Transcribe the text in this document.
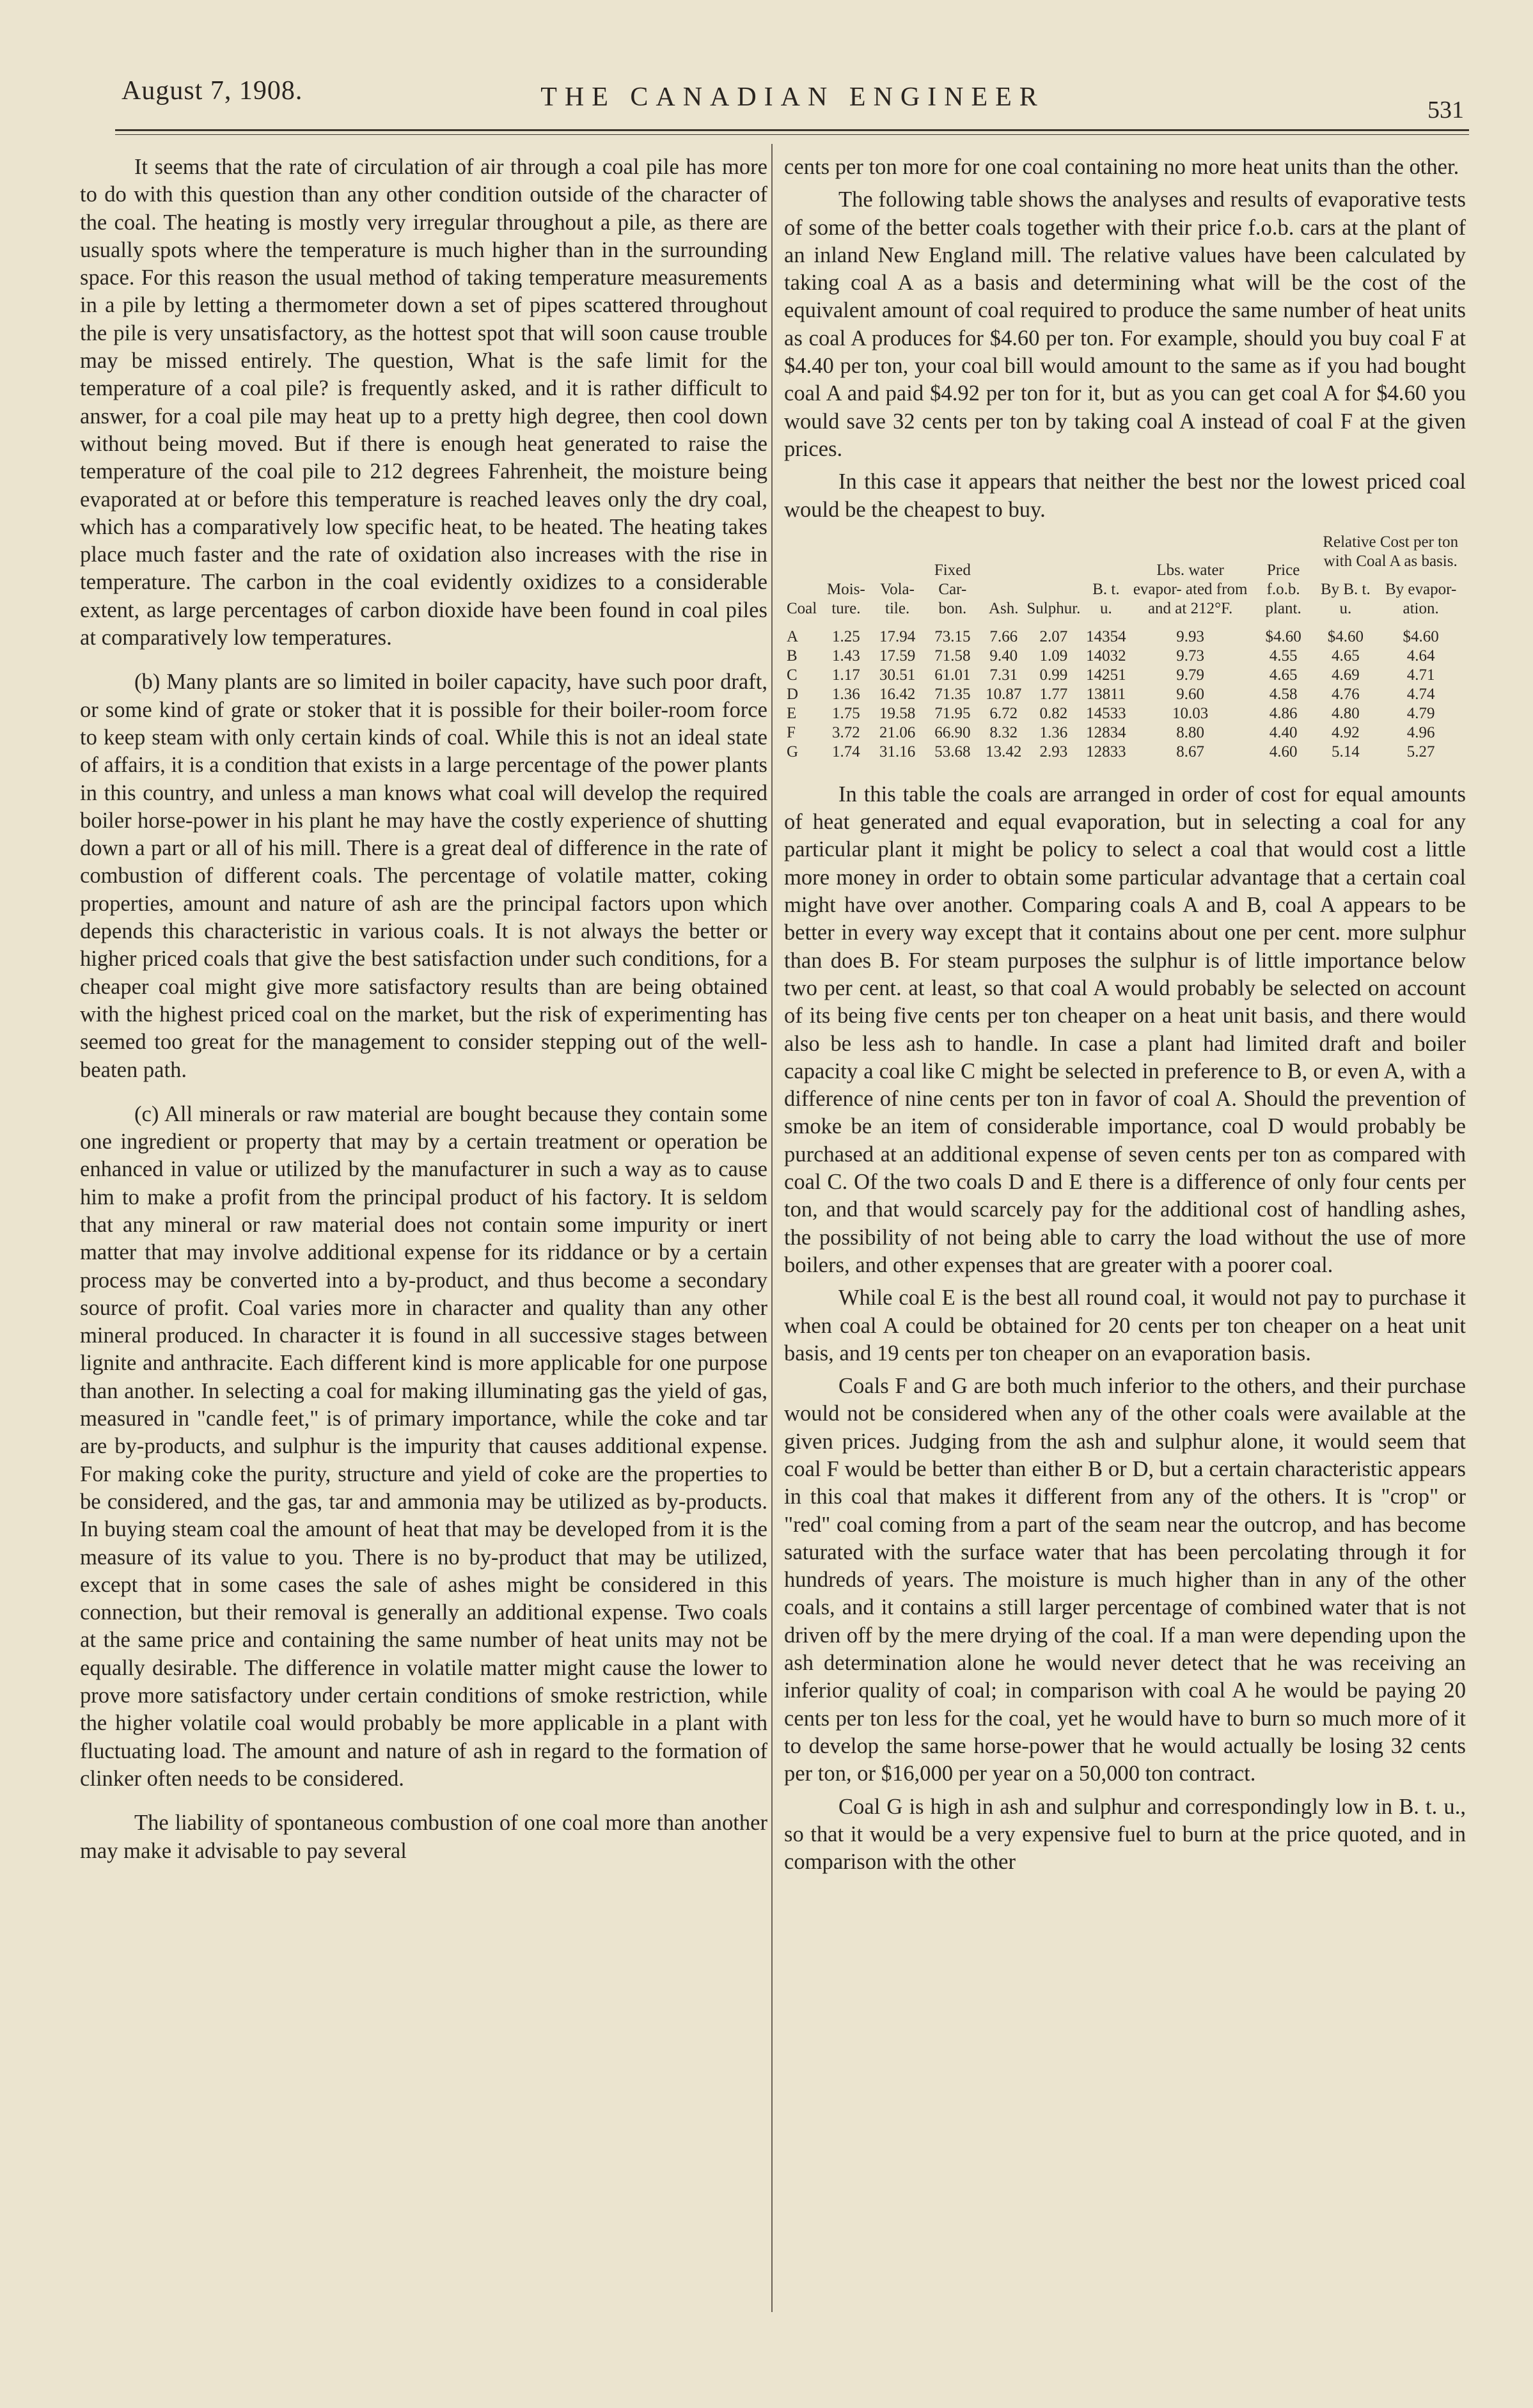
August 7, 1908.	THE CANADIAN ENGINEER	531

It seems that the rate of circulation of air through a coal pile has more to do with this question than any other condition outside of the character of the coal. The heating is mostly very irregular throughout a pile, as there are usually spots where the temperature is much higher than in the surrounding space. For this reason the usual method of taking temperature measurements in a pile by letting a thermometer down a set of pipes scattered throughout the pile is very unsatisfactory, as the hottest spot that will soon cause trouble may be missed entirely. The question, What is the safe limit for the temperature of a coal pile? is frequently asked, and it is rather difficult to answer, for a coal pile may heat up to a pretty high degree, then cool down without being moved. But if there is enough heat generated to raise the temperature of the coal pile to 212 degrees Fahrenheit, the moisture being evaporated at or before this temperature is reached leaves only the dry coal, which has a comparatively low specific heat, to be heated. The heating takes place much faster and the rate of oxidation also increases with the rise in temperature. The carbon in the coal evidently oxidizes to a considerable extent, as large percentages of carbon dioxide have been found in coal piles at comparatively low temperatures.

(b) Many plants are so limited in boiler capacity, have such poor draft, or some kind of grate or stoker that it is possible for their boiler-room force to keep steam with only certain kinds of coal. While this is not an ideal state of affairs, it is a condition that exists in a large percentage of the power plants in this country, and unless a man knows what coal will develop the required boiler horse-power in his plant he may have the costly experience of shutting down a part or all of his mill. There is a great deal of difference in the rate of combustion of different coals. The percentage of volatile matter, coking properties, amount and nature of ash are the principal factors upon which depends this characteristic in various coals. It is not always the better or higher priced coals that give the best satisfaction under such conditions, for a cheaper coal might give more satisfactory results than are being obtained with the highest priced coal on the market, but the risk of experimenting has seemed too great for the management to consider stepping out of the well-beaten path.

(c) All minerals or raw material are bought because they contain some one ingredient or property that may by a certain treatment or operation be enhanced in value or utilized by the manufacturer in such a way as to cause him to make a profit from the principal product of his factory. It is seldom that any mineral or raw material does not contain some impurity or inert matter that may involve additional expense for its riddance or by a certain process may be converted into a by-product, and thus become a secondary source of profit. Coal varies more in character and quality than any other mineral produced. In character it is found in all successive stages between lignite and anthracite. Each different kind is more applicable for one purpose than another. In selecting a coal for making illuminating gas the yield of gas, measured in "candle feet," is of primary importance, while the coke and tar are by-products, and sulphur is the impurity that causes additional expense. For making coke the purity, structure and yield of coke are the properties to be considered, and the gas, tar and ammonia may be utilized as by-products. In buying steam coal the amount of heat that may be developed from it is the measure of its value to you. There is no by-product that may be utilized, except that in some cases the sale of ashes might be considered in this connection, but their removal is generally an additional expense. Two coals at the same price and containing the same number of heat units may not be equally desirable. The difference in volatile matter might cause the lower to prove more satisfactory under certain conditions of smoke restriction, while the higher volatile coal would probably be more applicable in a plant with fluctuating load. The amount and nature of ash in regard to the formation of clinker often needs to be considered.

The liability of spontaneous combustion of one coal more than another may make it advisable to pay several

cents per ton more for one coal containing no more heat units than the other.

The following table shows the analyses and results of evaporative tests of some of the better coals together with their price f.o.b. cars at the plant of an inland New England mill. The relative values have been calculated by taking coal A as a basis and determining what will be the cost of the equivalent amount of coal required to produce the same number of heat units as coal A produces for $4.60 per ton. For example, should you buy coal F at $4.40 per ton, your coal bill would amount to the same as if you had bought coal A and paid $4.92 per ton for it, but as you can get coal A for $4.60 you would save 32 cents per ton by taking coal A instead of coal F at the given prices.

In this case it appears that neither the best nor the lowest priced coal would be the cheapest to buy.

Coal	Mois- ture.	Vola- tile.	Fixed Car- bon.	Ash.	Sulphur.	B. t. u.	Lbs. water evapor- ated from and at 212°F.	Price f.o.b. plant.	Relative Cost per ton with Coal A as basis.	
									By B. t. u.	By evapor- ation.
A	1.25	17.94	73.15	7.66	2.07	14354	9.93	$4.60	$4.60	$4.60
B	1.43	17.59	71.58	9.40	1.09	14032	9.73	4.55	4.65	4.64
C	1.17	30.51	61.01	7.31	0.99	14251	9.79	4.65	4.69	4.71
D	1.36	16.42	71.35	10.87	1.77	13811	9.60	4.58	4.76	4.74
E	1.75	19.58	71.95	6.72	0.82	14533	10.03	4.86	4.80	4.79
F	3.72	21.06	66.90	8.32	1.36	12834	8.80	4.40	4.92	4.96
G	1.74	31.16	53.68	13.42	2.93	12833	8.67	4.60	5.14	5.27

In this table the coals are arranged in order of cost for equal amounts of heat generated and equal evaporation, but in selecting a coal for any particular plant it might be policy to select a coal that would cost a little more money in order to obtain some particular advantage that a certain coal might have over another. Comparing coals A and B, coal A appears to be better in every way except that it contains about one per cent. more sulphur than does B. For steam purposes the sulphur is of little importance below two per cent. at least, so that coal A would probably be selected on account of its being five cents per ton cheaper on a heat unit basis, and there would also be less ash to handle. In case a plant had limited draft and boiler capacity a coal like C might be selected in preference to B, or even A, with a difference of nine cents per ton in favor of coal A. Should the prevention of smoke be an item of considerable importance, coal D would probably be purchased at an additional expense of seven cents per ton as compared with coal C. Of the two coals D and E there is a difference of only four cents per ton, and that would scarcely pay for the additional cost of handling ashes, the possibility of not being able to carry the load without the use of more boilers, and other expenses that are greater with a poorer coal.

While coal E is the best all round coal, it would not pay to purchase it when coal A could be obtained for 20 cents per ton cheaper on a heat unit basis, and 19 cents per ton cheaper on an evaporation basis.

Coals F and G are both much inferior to the others, and their purchase would not be considered when any of the other coals were available at the given prices. Judging from the ash and sulphur alone, it would seem that coal F would be better than either B or D, but a certain characteristic appears in this coal that makes it different from any of the others. It is "crop" or "red" coal coming from a part of the seam near the outcrop, and has become saturated with the surface water that has been percolating through it for hundreds of years. The moisture is much higher than in any of the other coals, and it contains a still larger percentage of combined water that is not driven off by the mere drying of the coal. If a man were depending upon the ash determination alone he would never detect that he was receiving an inferior quality of coal; in comparison with coal A he would be paying 20 cents per ton less for the coal, yet he would have to burn so much more of it to develop the same horse-power that he would actually be losing 32 cents per ton, or $16,000 per year on a 50,000 ton contract.

Coal G is high in ash and sulphur and correspondingly low in B. t. u., so that it would be a very expensive fuel to burn at the price quoted, and in comparison with the other
